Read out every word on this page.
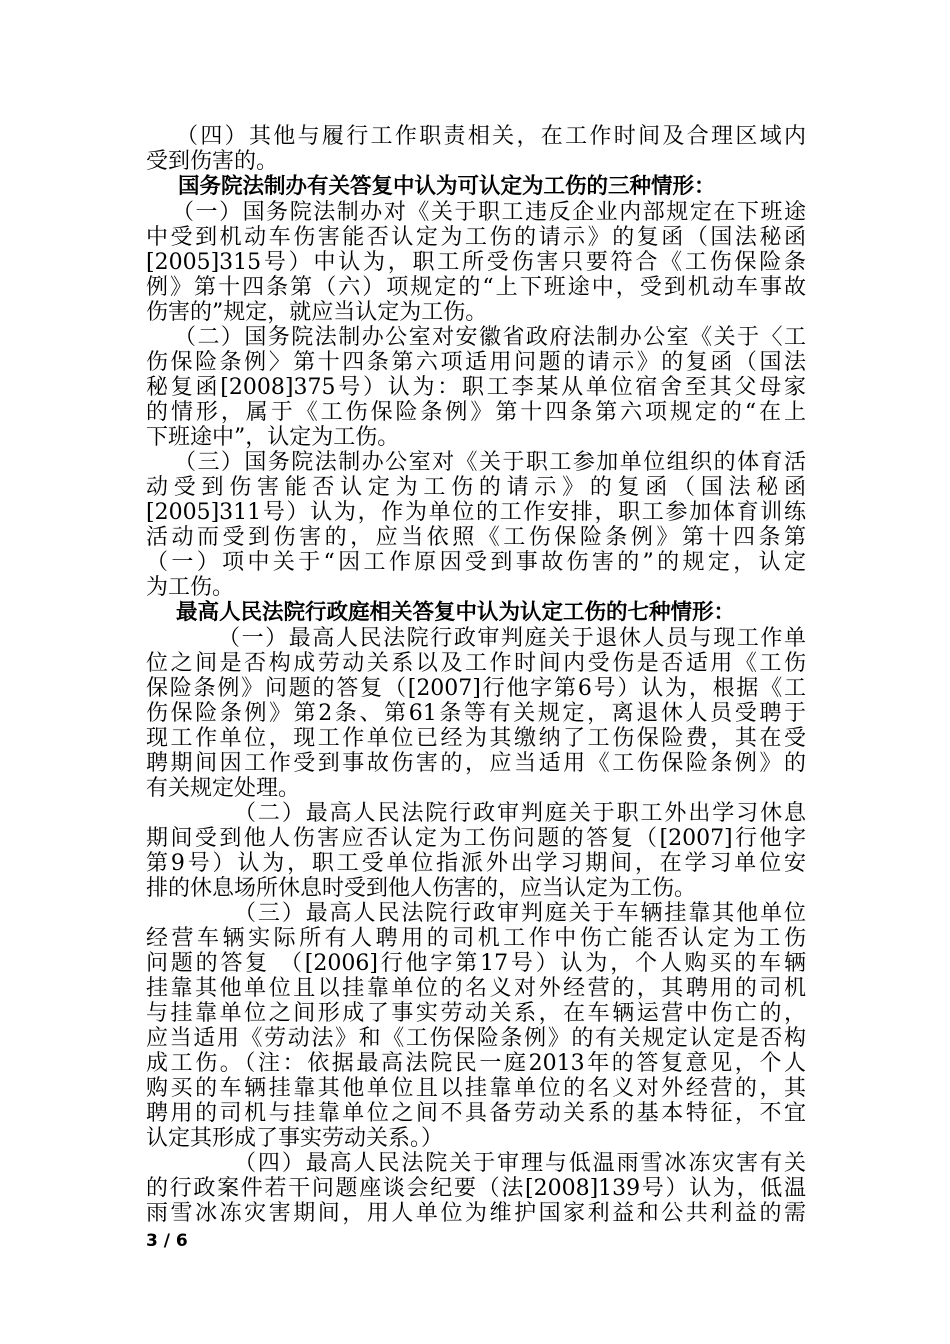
（四）其他与履行工作职责相关，在工作时间及合理区域内
受到伤害的。
国务院法制办有关答复中认为可认定为工伤的三种情形：
（一）国务院法制办对《关于职工违反企业内部规定在下班途
中受到机动车伤害能否认定为工伤的请示》的复函（国法秘函
[2005]315号）中认为，职工所受伤害只要符合《工伤保险条
例》第十四条第（六）项规定的“上下班途中，受到机动车事故
伤害的”规定，就应当认定为工伤。
（二）国务院法制办公室对安徽省政府法制办公室《关于〈工
伤保险条例〉第十四条第六项适用问题的请示》的复函（国法
秘复函[2008]375号）认为：职工李某从单位宿舍至其父母家
的情形，属于《工伤保险条例》第十四条第六项规定的“在上
下班途中”，认定为工伤。
（三）国务院法制办公室对《关于职工参加单位组织的体育活
动受到伤害能否认定为工伤的请示》的复函（国法秘函
[2005]311号）认为，作为单位的工作安排，职工参加体育训练
活动而受到伤害的，应当依照《工伤保险条例》第十四条第
（一）项中关于“因工作原因受到事故伤害的”的规定，认定
为工伤。
最高人民法院行政庭相关答复中认为认定工伤的七种情形：
（一）最高人民法院行政审判庭关于退休人员与现工作单
位之间是否构成劳动关系以及工作时间内受伤是否适用《工伤
保险条例》问题的答复（[2007]行他字第6号）认为，根据《工
伤保险条例》第2条、第61条等有关规定，离退休人员受聘于
现工作单位，现工作单位已经为其缴纳了工伤保险费，其在受
聘期间因工作受到事故伤害的，应当适用《工伤保险条例》的
有关规定处理。
（二）最高人民法院行政审判庭关于职工外出学习休息
期间受到他人伤害应否认定为工伤问题的答复（[2007]行他字
第9号）认为，职工受单位指派外出学习期间，在学习单位安
排的休息场所休息时受到他人伤害的，应当认定为工伤。
（三）最高人民法院行政审判庭关于车辆挂靠其他单位
经营车辆实际所有人聘用的司机工作中伤亡能否认定为工伤
问题的答复 （[2006]行他字第17号）认为，个人购买的车辆
挂靠其他单位且以挂靠单位的名义对外经营的，其聘用的司机
与挂靠单位之间形成了事实劳动关系，在车辆运营中伤亡的，
应当适用《劳动法》和《工伤保险条例》的有关规定认定是否构
成工伤。（注：依据最高法院民一庭2013年的答复意见，个人
购买的车辆挂靠其他单位且以挂靠单位的名义对外经营的，其
聘用的司机与挂靠单位之间不具备劳动关系的基本特征，不宜
认定其形成了事实劳动关系。）
（四）最高人民法院关于审理与低温雨雪冰冻灾害有关
的行政案件若干问题座谈会纪要（法[2008]139号）认为，低温
雨雪冰冻灾害期间，用人单位为维护国家利益和公共利益的需
3 / 6
